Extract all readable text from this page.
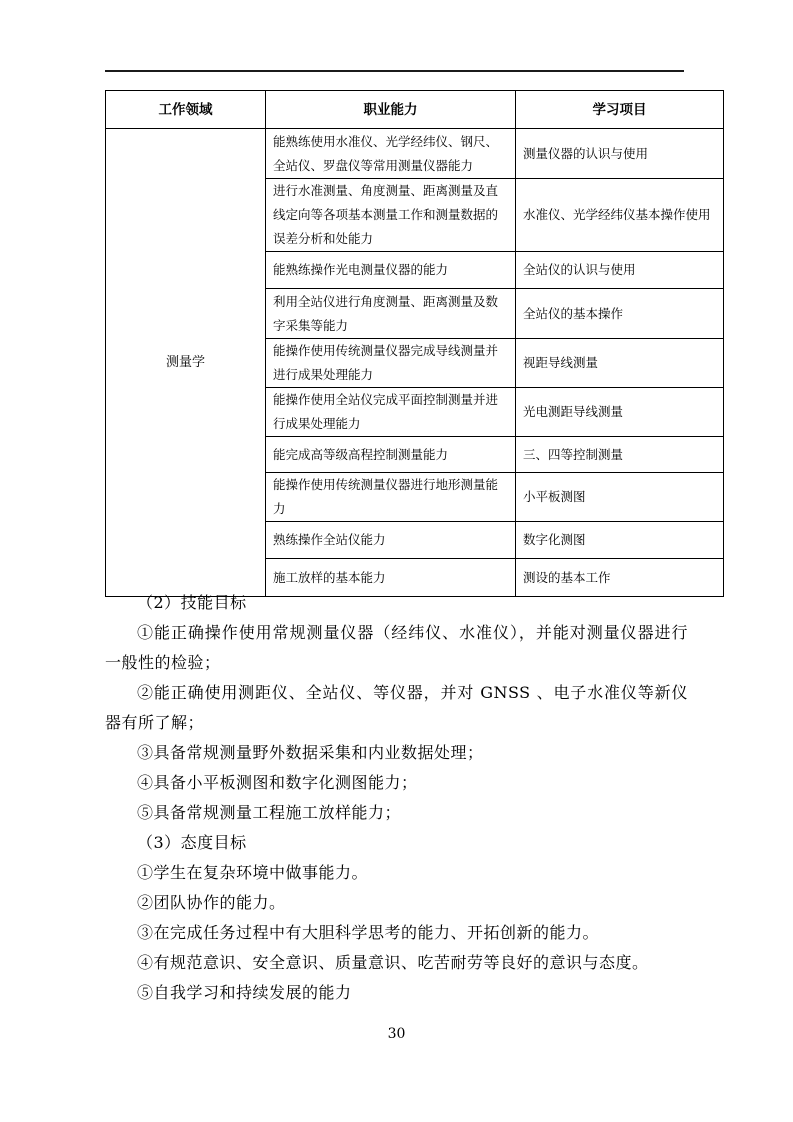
工作领域	职业能力	学习项目
测量学	能熟练使用水准仪、光学经纬仪、钢尺、全站仪、罗盘仪等常用测量仪器能力	测量仪器的认识与使用
	进行水准测量、角度测量、距离测量及直线定向等各项基本测量工作和测量数据的误差分析和处能力	水准仪、光学经纬仪基本操作使用
	能熟练操作光电测量仪器的能力	全站仪的认识与使用
	利用全站仪进行角度测量、距离测量及数字采集等能力	全站仪的基本操作
	能操作使用传统测量仪器完成导线测量并进行成果处理能力	视距导线测量
	能操作使用全站仪完成平面控制测量并进行成果处理能力	光电测距导线测量
	能完成高等级高程控制测量能力	三、四等控制测量
	能操作使用传统测量仪器进行地形测量能力	小平板测图
	熟练操作全站仪能力	数字化测图
	施工放样的基本能力	测设的基本工作
（2）技能目标
①能正确操作使用常规测量仪器（经纬仪、水准仪），并能对测量仪器进行一般性的检验；
②能正确使用测距仪、全站仪、等仪器，并对 GNSS 、电子水准仪等新仪器有所了解；
③具备常规测量野外数据采集和内业数据处理；
④具备小平板测图和数字化测图能力；
⑤具备常规测量工程施工放样能力；
（3）态度目标
①学生在复杂环境中做事能力。
②团队协作的能力。
③在完成任务过程中有大胆科学思考的能力、开拓创新的能力。
④有规范意识、安全意识、质量意识、吃苦耐劳等良好的意识与态度。
⑤自我学习和持续发展的能力
30
